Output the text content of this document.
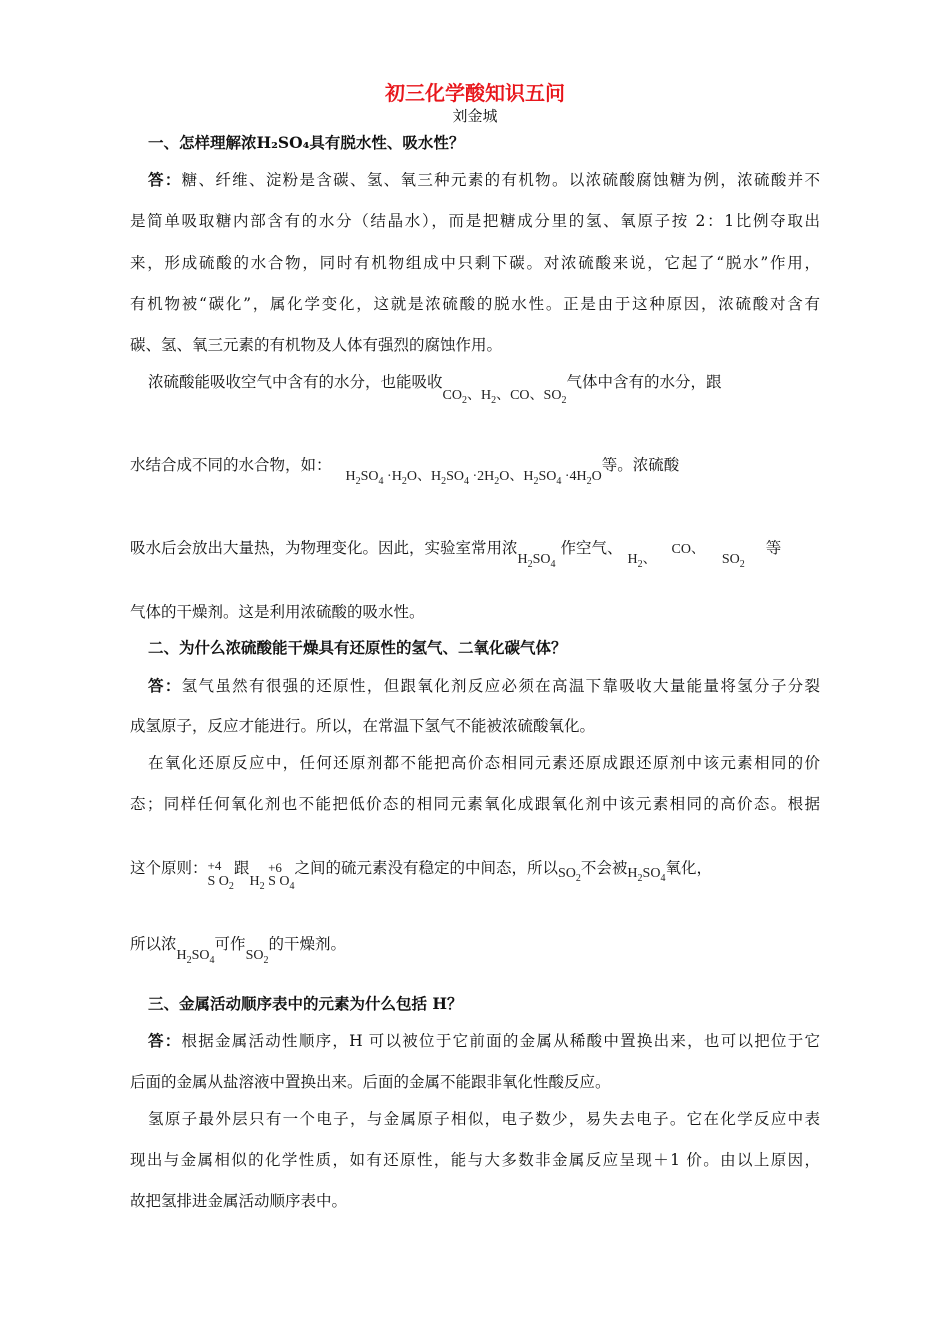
初三化学酸知识五问
刘金城
一、怎样理解浓H₂SO₄具有脱水性、吸水性？
答：糖、纤维、淀粉是含碳、氢、氧三种元素的有机物。以浓硫酸腐蚀糖为例，浓硫酸并不
是简单吸取糖内部含有的水分（结晶水），而是把糖成分里的氢、氧原子按 2：1比例夺取出
来，形成硫酸的水合物，同时有机物组成中只剩下碳。对浓硫酸来说，它起了“脱水”作用，
有机物被“碳化”，属化学变化，这就是浓硫酸的脱水性。正是由于这种原因，浓硫酸对含有
碳、氢、氧三元素的有机物及人体有强烈的腐蚀作用。
浓硫酸能吸收空气中含有的水分，也能吸收$CO_2$、$H_2$、CO、$SO_2$气体中含有的水分，跟
水结合成不同的水合物，如：$H_2SO_4 \cdot H_2O$、$H_2SO_4 \cdot 2H_2O$、$H_2SO_4 \cdot 4H_2O$等。浓硫酸
吸水后会放出大量热，为物理变化。因此，实验室常用浓$H_2SO_4$ 作空气、 $H_2$、 CO、 $SO_2$ 等
气体的干燥剂。这是利用浓硫酸的吸水性。
二、为什么浓硫酸能干燥具有还原性的氢气、二氧化碳气体？
答：氢气虽然有很强的还原性，但跟氧化剂反应必须在高温下靠吸收大量能量将氢分子分裂
成氢原子，反应才能进行。所以，在常温下氢气不能被浓硫酸氧化。
在氧化还原反应中，任何还原剂都不能把高价态相同元素还原成跟还原剂中该元素相同的价
态；同样任何氧化剂也不能把低价态的相同元素氧化成跟氧化剂中该元素相同的高价态。根据
这个原则： +4
S $O_2$跟$H_2$
+6
S $O_4$之间的硫元素没有稳定的中间态，所以$SO_2$不会被$H_2SO_4$氧化，
所以浓$H_2SO_4$可作$SO_2$的干燥剂。
三、金属活动顺序表中的元素为什么包括 H？
答：根据金属活动性顺序，H 可以被位于它前面的金属从稀酸中置换出来，也可以把位于它
后面的金属从盐溶液中置换出来。后面的金属不能跟非氧化性酸反应。
氢原子最外层只有一个电子，与金属原子相似，电子数少，易失去电子。它在化学反应中表
现出与金属相似的化学性质，如有还原性，能与大多数非金属反应呈现＋1 价。由以上原因，
故把氢排进金属活动顺序表中。
